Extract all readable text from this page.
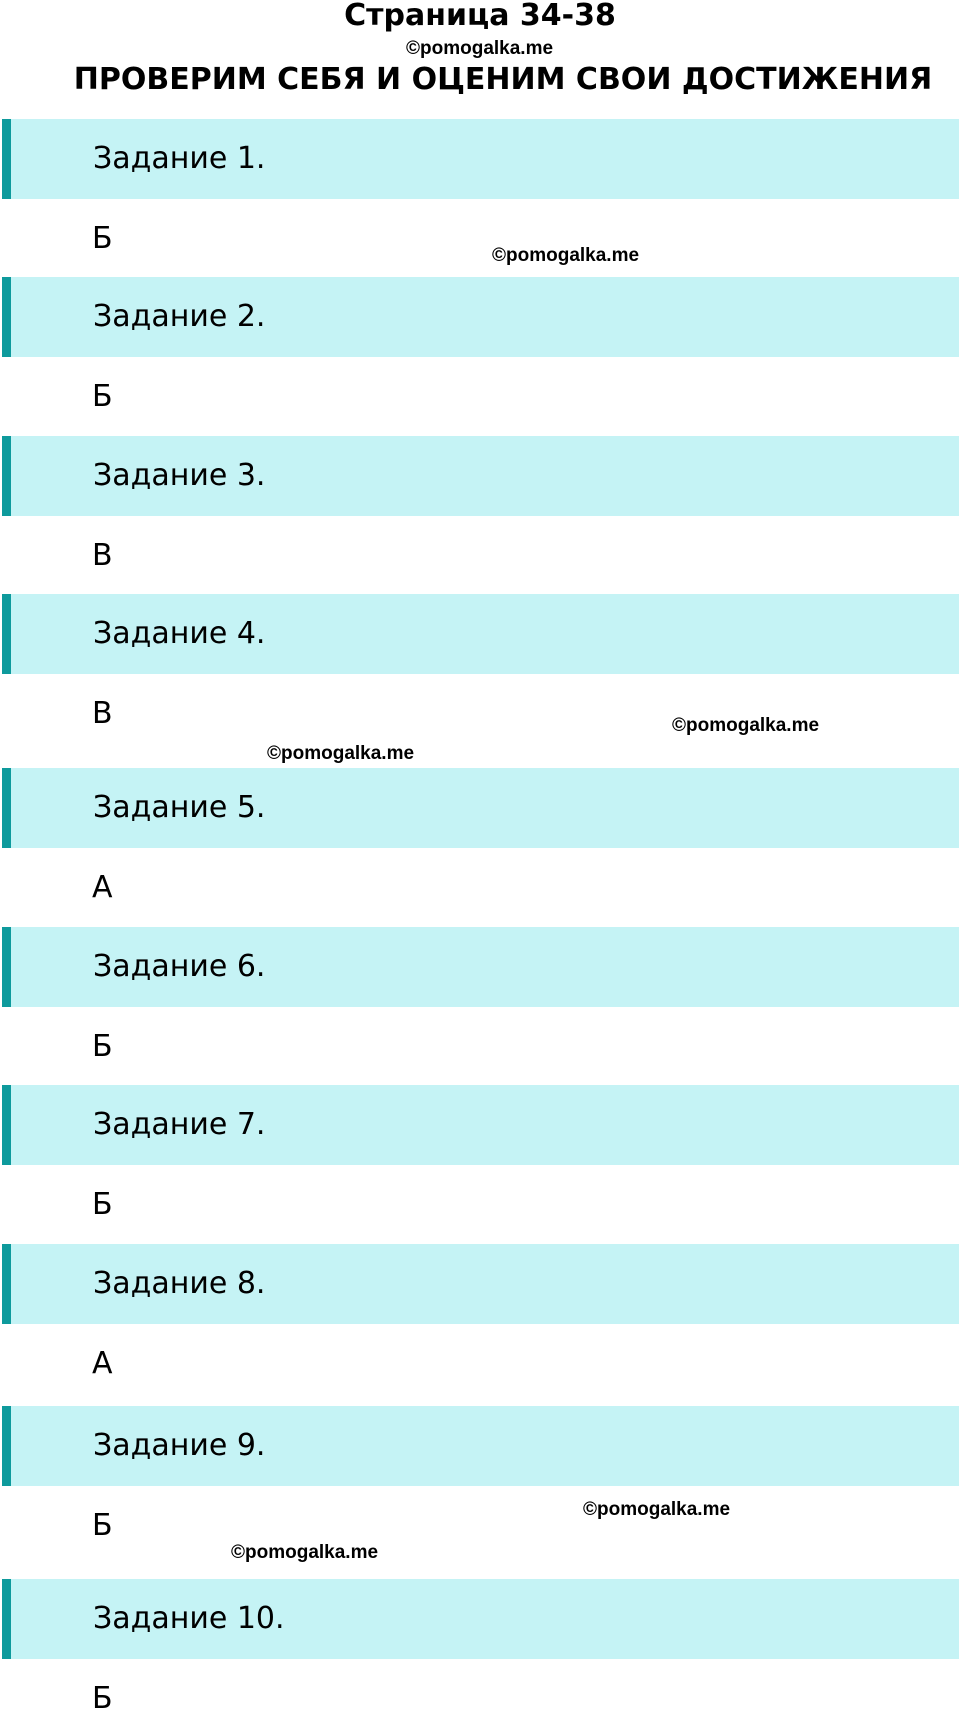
Страница 34-38
©pomogalka.me
ПРОВЕРИМ СЕБЯ И ОЦЕНИМ СВОИ ДОСТИЖЕНИЯ
Задание 1.
Б	©pomogalka.me
Задание 2.
Б
Задание 3.
В
Задание 4.
В	©pomogalka.me
©pomogalka.me
Задание 5.
А
Задание 6.
Б
Задание 7.
Б
Задание 8.
А
Задание 9.
Б	©pomogalka.me
©pomogalka.me
Задание 10.
Б
